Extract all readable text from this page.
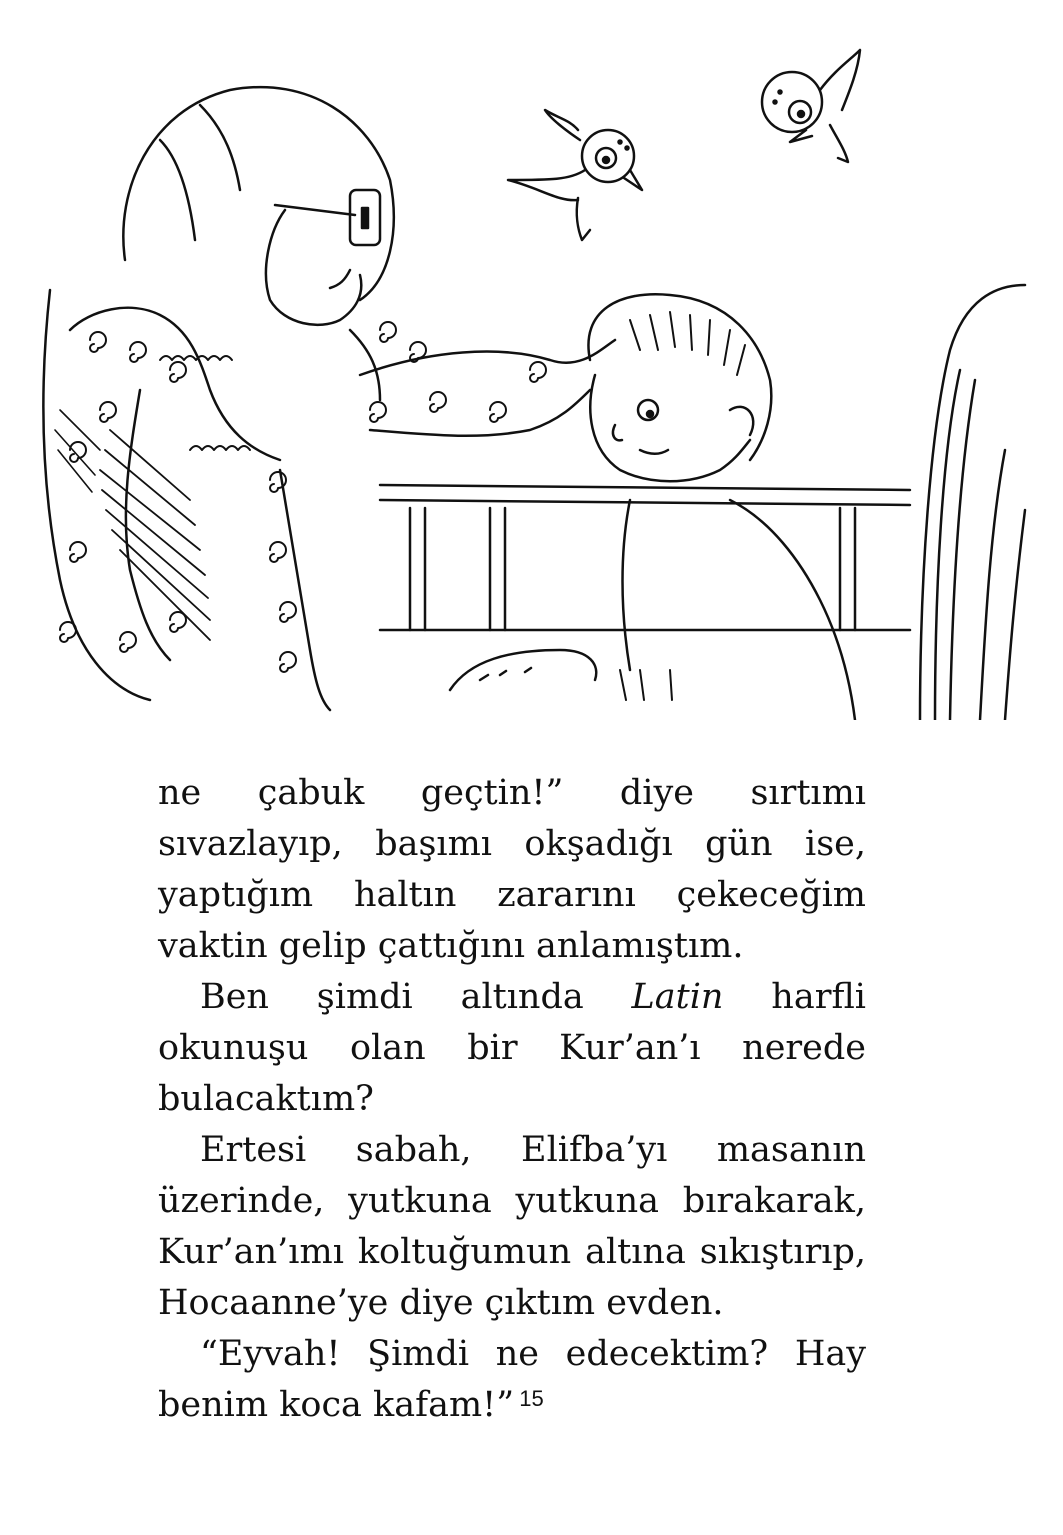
ne çabuk geçtin!” diye sırtımı sıvazlayıp, başımı okşadığı gün ise, yaptığım haltın zararını çekeceğim vaktin gelip çattığını anlamıştım.

Ben şimdi altında Latin harfli okunuşu olan bir Kur’an’ı nerede bulacaktım?

Ertesi sabah, Elifba’yı masanın üzerinde, yutkuna yutkuna bırakarak, Kur’an’ımı koltuğumun altına sıkıştırıp, Hocaanne’ye diye çıktım evden.

“Eyvah! Şimdi ne edecektim? Hay benim koca kafam!” 15
